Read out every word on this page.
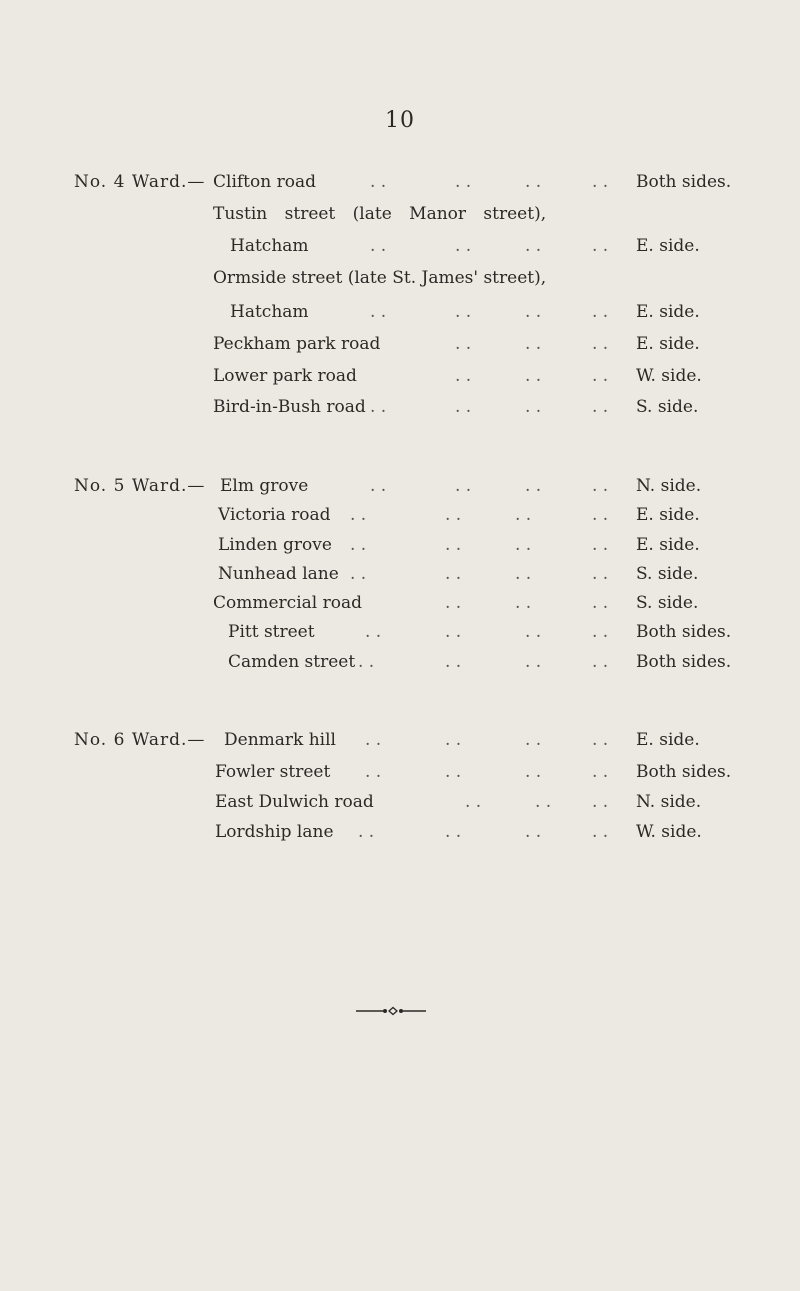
10
No. 4 Ward.— Clifton road	. .	. .	. .	. . Both sides.
Tustin street (late Manor street),
Hatcham	. .	. .	. .	. . E. side.
Ormside street (late St. James' street),
Hatcham	. .	. .	. .	. . E. side.
Peckham park road	. .	. .	. . E. side.
Lower park road	. .	. .	. . W. side.
Bird-in-Bush road . .	. .	. .	. . S. side.
No. 5 Ward.— Elm grove	. .	. .	. .	. . N. side.
Victoria road . .	. .	. .	. . E. side.
Linden grove . .	. .	. .	. . E. side.
Nunhead lane . .	. .	. .	. . S. side.
Commercial road	. .	. .	. . S. side.
Pitt street	. .	. .	. .	. . Both sides.
Camden street . .	. .	. .	. . Both sides.
No. 6 Ward.— Denmark hill . .	. .	. .	. . E. side.
Fowler street . .	. .	. .	. . Both sides.
East Dulwich road	. .	. . . . N. side.
Lordship lane . .	. .	. .	. . W. side.
